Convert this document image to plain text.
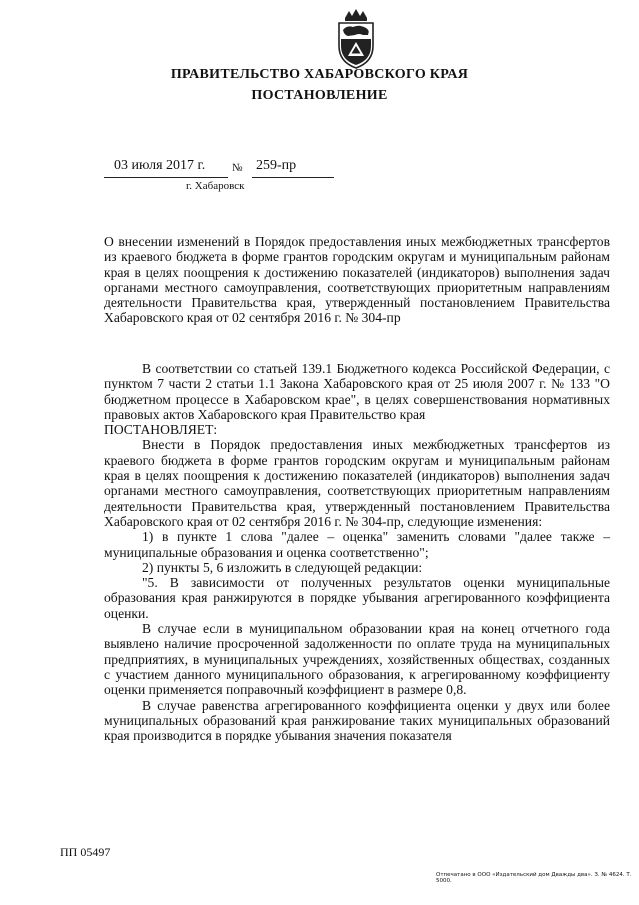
ПРАВИТЕЛЬСТВО ХАБАРОВСКОГО КРАЯ
ПОСТАНОВЛЕНИЕ
03 июля 2017 г. № 259-пр
г. Хабаровск
О внесении изменений в Порядок предоставления иных межбюджетных трансфертов из краевого бюджета в форме грантов городским округам и муниципальным районам края в целях поощрения к достижению показателей (индикаторов) выполнения задач органами местного самоуправления, соответствующих приоритетным направлениям деятельности Правительства края, утвержденный постановлением Правительства Хабаровского края от 02 сентября 2016 г. № 304-пр

В соответствии со статьей 139.1 Бюджетного кодекса Российской Федерации, с пунктом 7 части 2 статьи 1.1 Закона Хабаровского края от 25 июля 2007 г. № 133 "О бюджетном процессе в Хабаровском крае", в целях совершенствования нормативных правовых актов Хабаровского края Правительство края

ПОСТАНОВЛЯЕТ:

Внести в Порядок предоставления иных межбюджетных трансфертов из краевого бюджета в форме грантов городским округам и муниципальным районам края в целях поощрения к достижению показателей (индикаторов) выполнения задач органами местного самоуправления, соответствующих приоритетным направлениям деятельности Правительства края, утвержденный постановлением Правительства Хабаровского края от 02 сентября 2016 г. № 304-пр, следующие изменения:

1) в пункте 1 слова "далее – оценка" заменить словами "далее также – муниципальные образования и оценка соответственно";

2) пункты 5, 6 изложить в следующей редакции:

"5. В зависимости от полученных результатов оценки муниципальные образования края ранжируются в порядке убывания агрегированного коэффициента оценки.

В случае если в муниципальном образовании края на конец отчетного года выявлено наличие просроченной задолженности по оплате труда на муниципальных предприятиях, в муниципальных учреждениях, хозяйственных обществах, созданных с участием данного муниципального образования, к агрегированному коэффициенту оценки применяется поправочный коэффициент в размере 0,8.

В случае равенства агрегированного коэффициента оценки у двух или более муниципальных образований края ранжирование таких муниципальных образований края производится в порядке убывания значения показателя

ПП 05497
Отпечатано в ООО «Издательский дом Дважды два». З. № 4624. Т. 5000.
